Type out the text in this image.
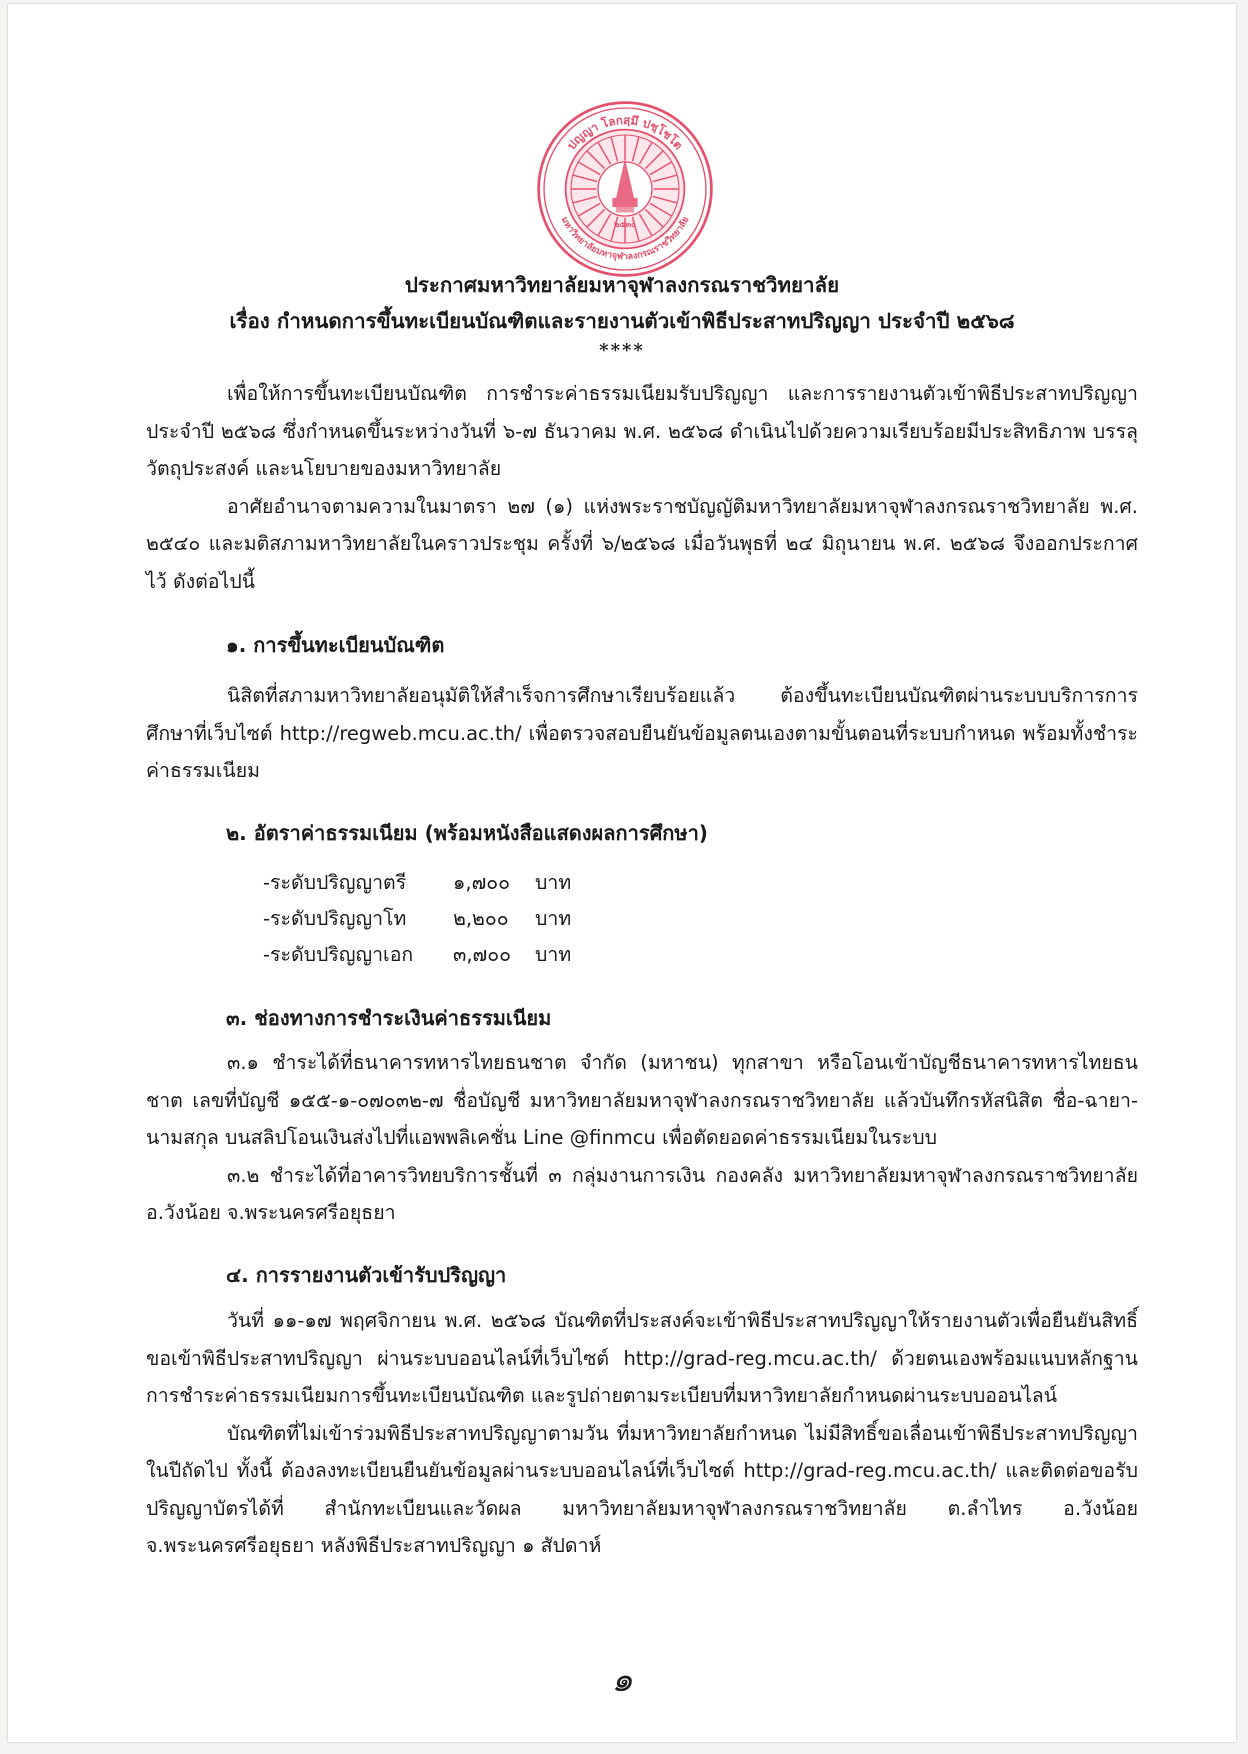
ปญญา โลกสฺมึ ปชฺโชโต
มหาวิทยาลัยมหาจุฬาลงกรณราชวิทยาลัย
๒๕๓๐
ประกาศมหาวิทยาลัยมหาจุฬาลงกรณราชวิทยาลัย
เรื่อง กำหนดการขึ้นทะเบียนบัณฑิตและรายงานตัวเข้าพิธีประสาทปริญญา ประจำปี ๒๕๖๘
****

เพื่อให้การขึ้นทะเบียนบัณฑิต การชำระค่าธรรมเนียมรับปริญญา และการรายงานตัวเข้าพิธีประสาทปริญญา ประจำปี ๒๕๖๘ ซึ่งกำหนดขึ้นระหว่างวันที่ ๖-๗ ธันวาคม พ.ศ. ๒๕๖๘ ดำเนินไปด้วยความเรียบร้อยมีประสิทธิภาพ บรรลุวัตถุประสงค์ และนโยบายของมหาวิทยาลัย

อาศัยอำนาจตามความในมาตรา ๒๗ (๑) แห่งพระราชบัญญัติมหาวิทยาลัยมหาจุฬาลงกรณราชวิทยาลัย พ.ศ. ๒๕๔๐ และมติสภามหาวิทยาลัยในคราวประชุม ครั้งที่ ๖/๒๕๖๘ เมื่อวันพุธที่ ๒๔ มิถุนายน พ.ศ. ๒๕๖๘ จึงออกประกาศไว้ ดังต่อไปนี้

๑. การขึ้นทะเบียนบัณฑิต

นิสิตที่สภามหาวิทยาลัยอนุมัติให้สำเร็จการศึกษาเรียบร้อยแล้ว ต้องขึ้นทะเบียนบัณฑิตผ่านระบบบริการการศึกษาที่เว็บไซต์ http://regweb.mcu.ac.th/ เพื่อตรวจสอบยืนยันข้อมูลตนเองตามขั้นตอนที่ระบบกำหนด พร้อมทั้งชำระค่าธรรมเนียม

๒. อัตราค่าธรรมเนียม (พร้อมหนังสือแสดงผลการศึกษา)
-ระดับปริญญาตรี ๑,๗๐๐ บาท
-ระดับปริญญาโท ๒,๒๐๐ บาท
-ระดับปริญญาเอก ๓,๗๐๐ บาท
๓. ช่องทางการชำระเงินค่าธรรมเนียม

๓.๑ ชำระได้ที่ธนาคารทหารไทยธนชาต จำกัด (มหาชน) ทุกสาขา หรือโอนเข้าบัญชีธนาคารทหารไทยธนชาต เลขที่บัญชี ๑๕๕-๑-๐๗๐๓๒-๗ ชื่อบัญชี มหาวิทยาลัยมหาจุฬาลงกรณราชวิทยาลัย แล้วบันทึกรหัสนิสิต ชื่อ-ฉายา-นามสกุล บนสลิปโอนเงินส่งไปที่แอพพลิเคชั่น Line @finmcu เพื่อตัดยอดค่าธรรมเนียมในระบบ

๓.๒ ชำระได้ที่อาคารวิทยบริการชั้นที่ ๓ กลุ่มงานการเงิน กองคลัง มหาวิทยาลัยมหาจุฬาลงกรณราชวิทยาลัย อ.วังน้อย จ.พระนครศรีอยุธยา

๔. การรายงานตัวเข้ารับปริญญา

วันที่ ๑๑-๑๗ พฤศจิกายน พ.ศ. ๒๕๖๘ บัณฑิตที่ประสงค์จะเข้าพิธีประสาทปริญญาให้รายงานตัวเพื่อยืนยันสิทธิ์ขอเข้าพิธีประสาทปริญญา ผ่านระบบออนไลน์ที่เว็บไซต์ http://grad-reg.mcu.ac.th/ ด้วยตนเองพร้อมแนบหลักฐานการชำระค่าธรรมเนียมการขึ้นทะเบียนบัณฑิต และรูปถ่ายตามระเบียบที่มหาวิทยาลัยกำหนดผ่านระบบออนไลน์

บัณฑิตที่ไม่เข้าร่วมพิธีประสาทปริญญาตามวัน ที่มหาวิทยาลัยกำหนด ไม่มีสิทธิ์ขอเลื่อนเข้าพิธีประสาทปริญญาในปีถัดไป ทั้งนี้ ต้องลงทะเบียนยืนยันข้อมูลผ่านระบบออนไลน์ที่เว็บไซต์ http://grad-reg.mcu.ac.th/ และติดต่อขอรับปริญญาบัตรได้ที่ สำนักทะเบียนและวัดผล มหาวิทยาลัยมหาจุฬาลงกรณราชวิทยาลัย ต.ลำไทร อ.วังน้อย จ.พระนครศรีอยุธยา หลังพิธีประสาทปริญญา ๑ สัปดาห์

๑
